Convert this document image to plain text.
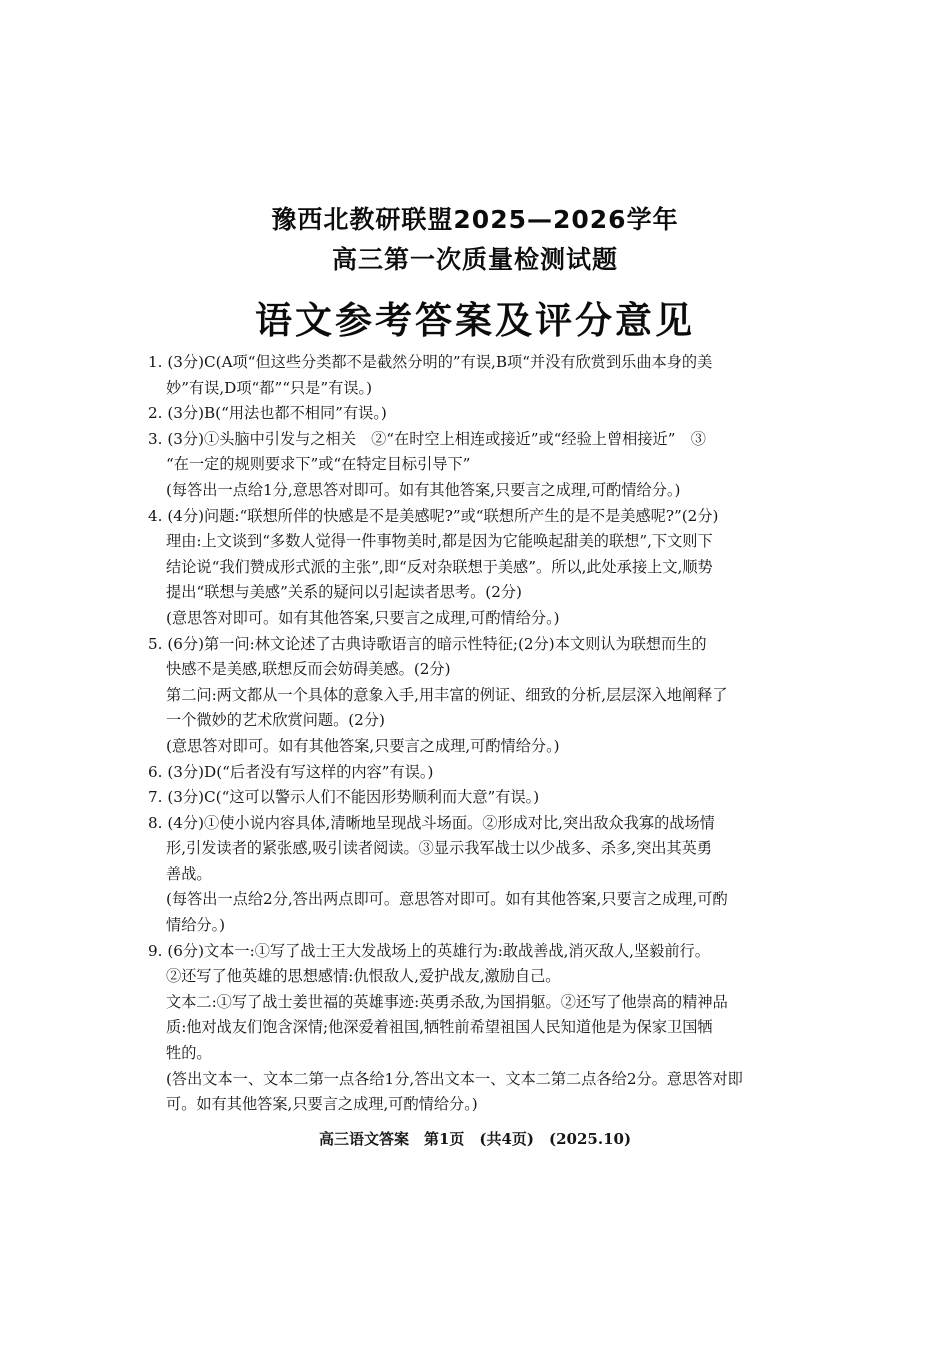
豫西北教研联盟2025—2026学年
高三第一次质量检测试题
语文参考答案及评分意见
1. (3分)C(A项“但这些分类都不是截然分明的”有误,B项“并没有欣赏到乐曲本身的美
妙”有误,D项“都”“只是”有误。)
2. (3分)B(“用法也都不相同”有误。)
3. (3分)①头脑中引发与之相关　②“在时空上相连或接近”或“经验上曾相接近”　③
“在一定的规则要求下”或“在特定目标引导下”
(每答出一点给1分,意思答对即可。如有其他答案,只要言之成理,可酌情给分。)
4. (4分)问题:“联想所伴的快感是不是美感呢?”或“联想所产生的是不是美感呢?”(2分)
理由:上文谈到“多数人觉得一件事物美时,都是因为它能唤起甜美的联想”,下文则下
结论说“我们赞成形式派的主张”,即“反对杂联想于美感”。所以,此处承接上文,顺势
提出“联想与美感”关系的疑问以引起读者思考。(2分)
(意思答对即可。如有其他答案,只要言之成理,可酌情给分。)
5. (6分)第一问:林文论述了古典诗歌语言的暗示性特征;(2分)本文则认为联想而生的
快感不是美感,联想反而会妨碍美感。(2分)
第二问:两文都从一个具体的意象入手,用丰富的例证、细致的分析,层层深入地阐释了
一个微妙的艺术欣赏问题。(2分)
(意思答对即可。如有其他答案,只要言之成理,可酌情给分。)
6. (3分)D(“后者没有写这样的内容”有误。)
7. (3分)C(“这可以警示人们不能因形势顺利而大意”有误。)
8. (4分)①使小说内容具体,清晰地呈现战斗场面。②形成对比,突出敌众我寡的战场情
形,引发读者的紧张感,吸引读者阅读。③显示我军战士以少战多、杀多,突出其英勇
善战。
(每答出一点给2分,答出两点即可。意思答对即可。如有其他答案,只要言之成理,可酌
情给分。)
9. (6分)文本一:①写了战士王大发战场上的英雄行为:敢战善战,消灭敌人,坚毅前行。
②还写了他英雄的思想感情:仇恨敌人,爱护战友,激励自己。
文本二:①写了战士姜世福的英雄事迹:英勇杀敌,为国捐躯。②还写了他崇高的精神品
质:他对战友们饱含深情;他深爱着祖国,牺牲前希望祖国人民知道他是为保家卫国牺
牲的。
(答出文本一、文本二第一点各给1分,答出文本一、文本二第二点各给2分。意思答对即
可。如有其他答案,只要言之成理,可酌情给分。)
高三语文答案　第1页　(共4页)　(2025.10)
